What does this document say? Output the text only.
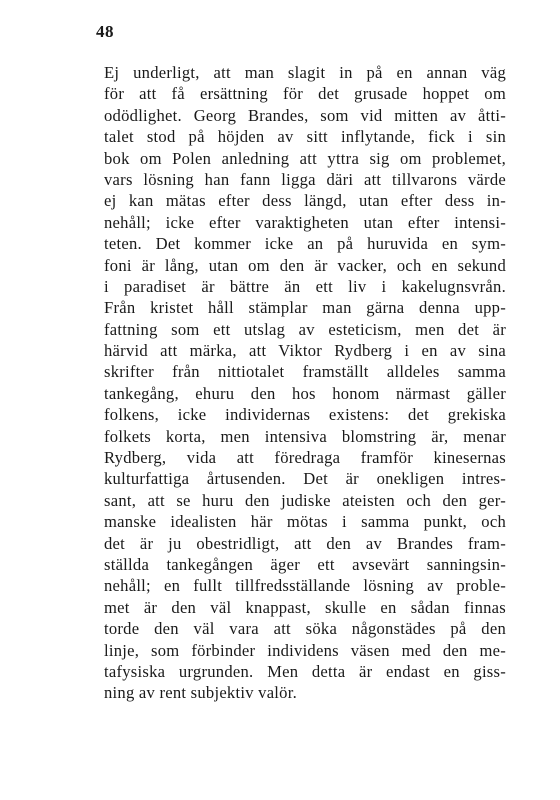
48
Ej underligt, att man slagit in på en annan väg
för att få ersättning för det grusade hoppet om
odödlighet. Georg Brandes, som vid mitten av åtti-
talet stod på höjden av sitt inflytande, fick i sin
bok om Polen anledning att yttra sig om problemet,
vars lösning han fann ligga däri att tillvarons värde
ej kan mätas efter dess längd, utan efter dess in-
nehåll; icke efter varaktigheten utan efter intensi-
teten. Det kommer icke an på huruvida en sym-
foni är lång, utan om den är vacker, och en sekund
i paradiset är bättre än ett liv i kakelugnsvrån.
Från kristet håll stämplar man gärna denna upp-
fattning som ett utslag av esteticism, men det är
härvid att märka, att Viktor Rydberg i en av sina
skrifter från nittiotalet framställt alldeles samma
tankegång, ehuru den hos honom närmast gäller
folkens, icke individernas existens: det grekiska
folkets korta, men intensiva blomstring är, menar
Rydberg, vida att föredraga framför kinesernas
kulturfattiga årtusenden. Det är onekligen intres-
sant, att se huru den judiske ateisten och den ger-
manske idealisten här mötas i samma punkt, och
det är ju obestridligt, att den av Brandes fram-
ställda tankegången äger ett avsevärt sanningsin-
nehåll; en fullt tillfredsställande lösning av proble-
met är den väl knappast, skulle en sådan finnas
torde den väl vara att söka någonstädes på den
linje, som förbinder individens väsen med den me-
tafysiska urgrunden. Men detta är endast en giss-
ning av rent subjektiv valör.
